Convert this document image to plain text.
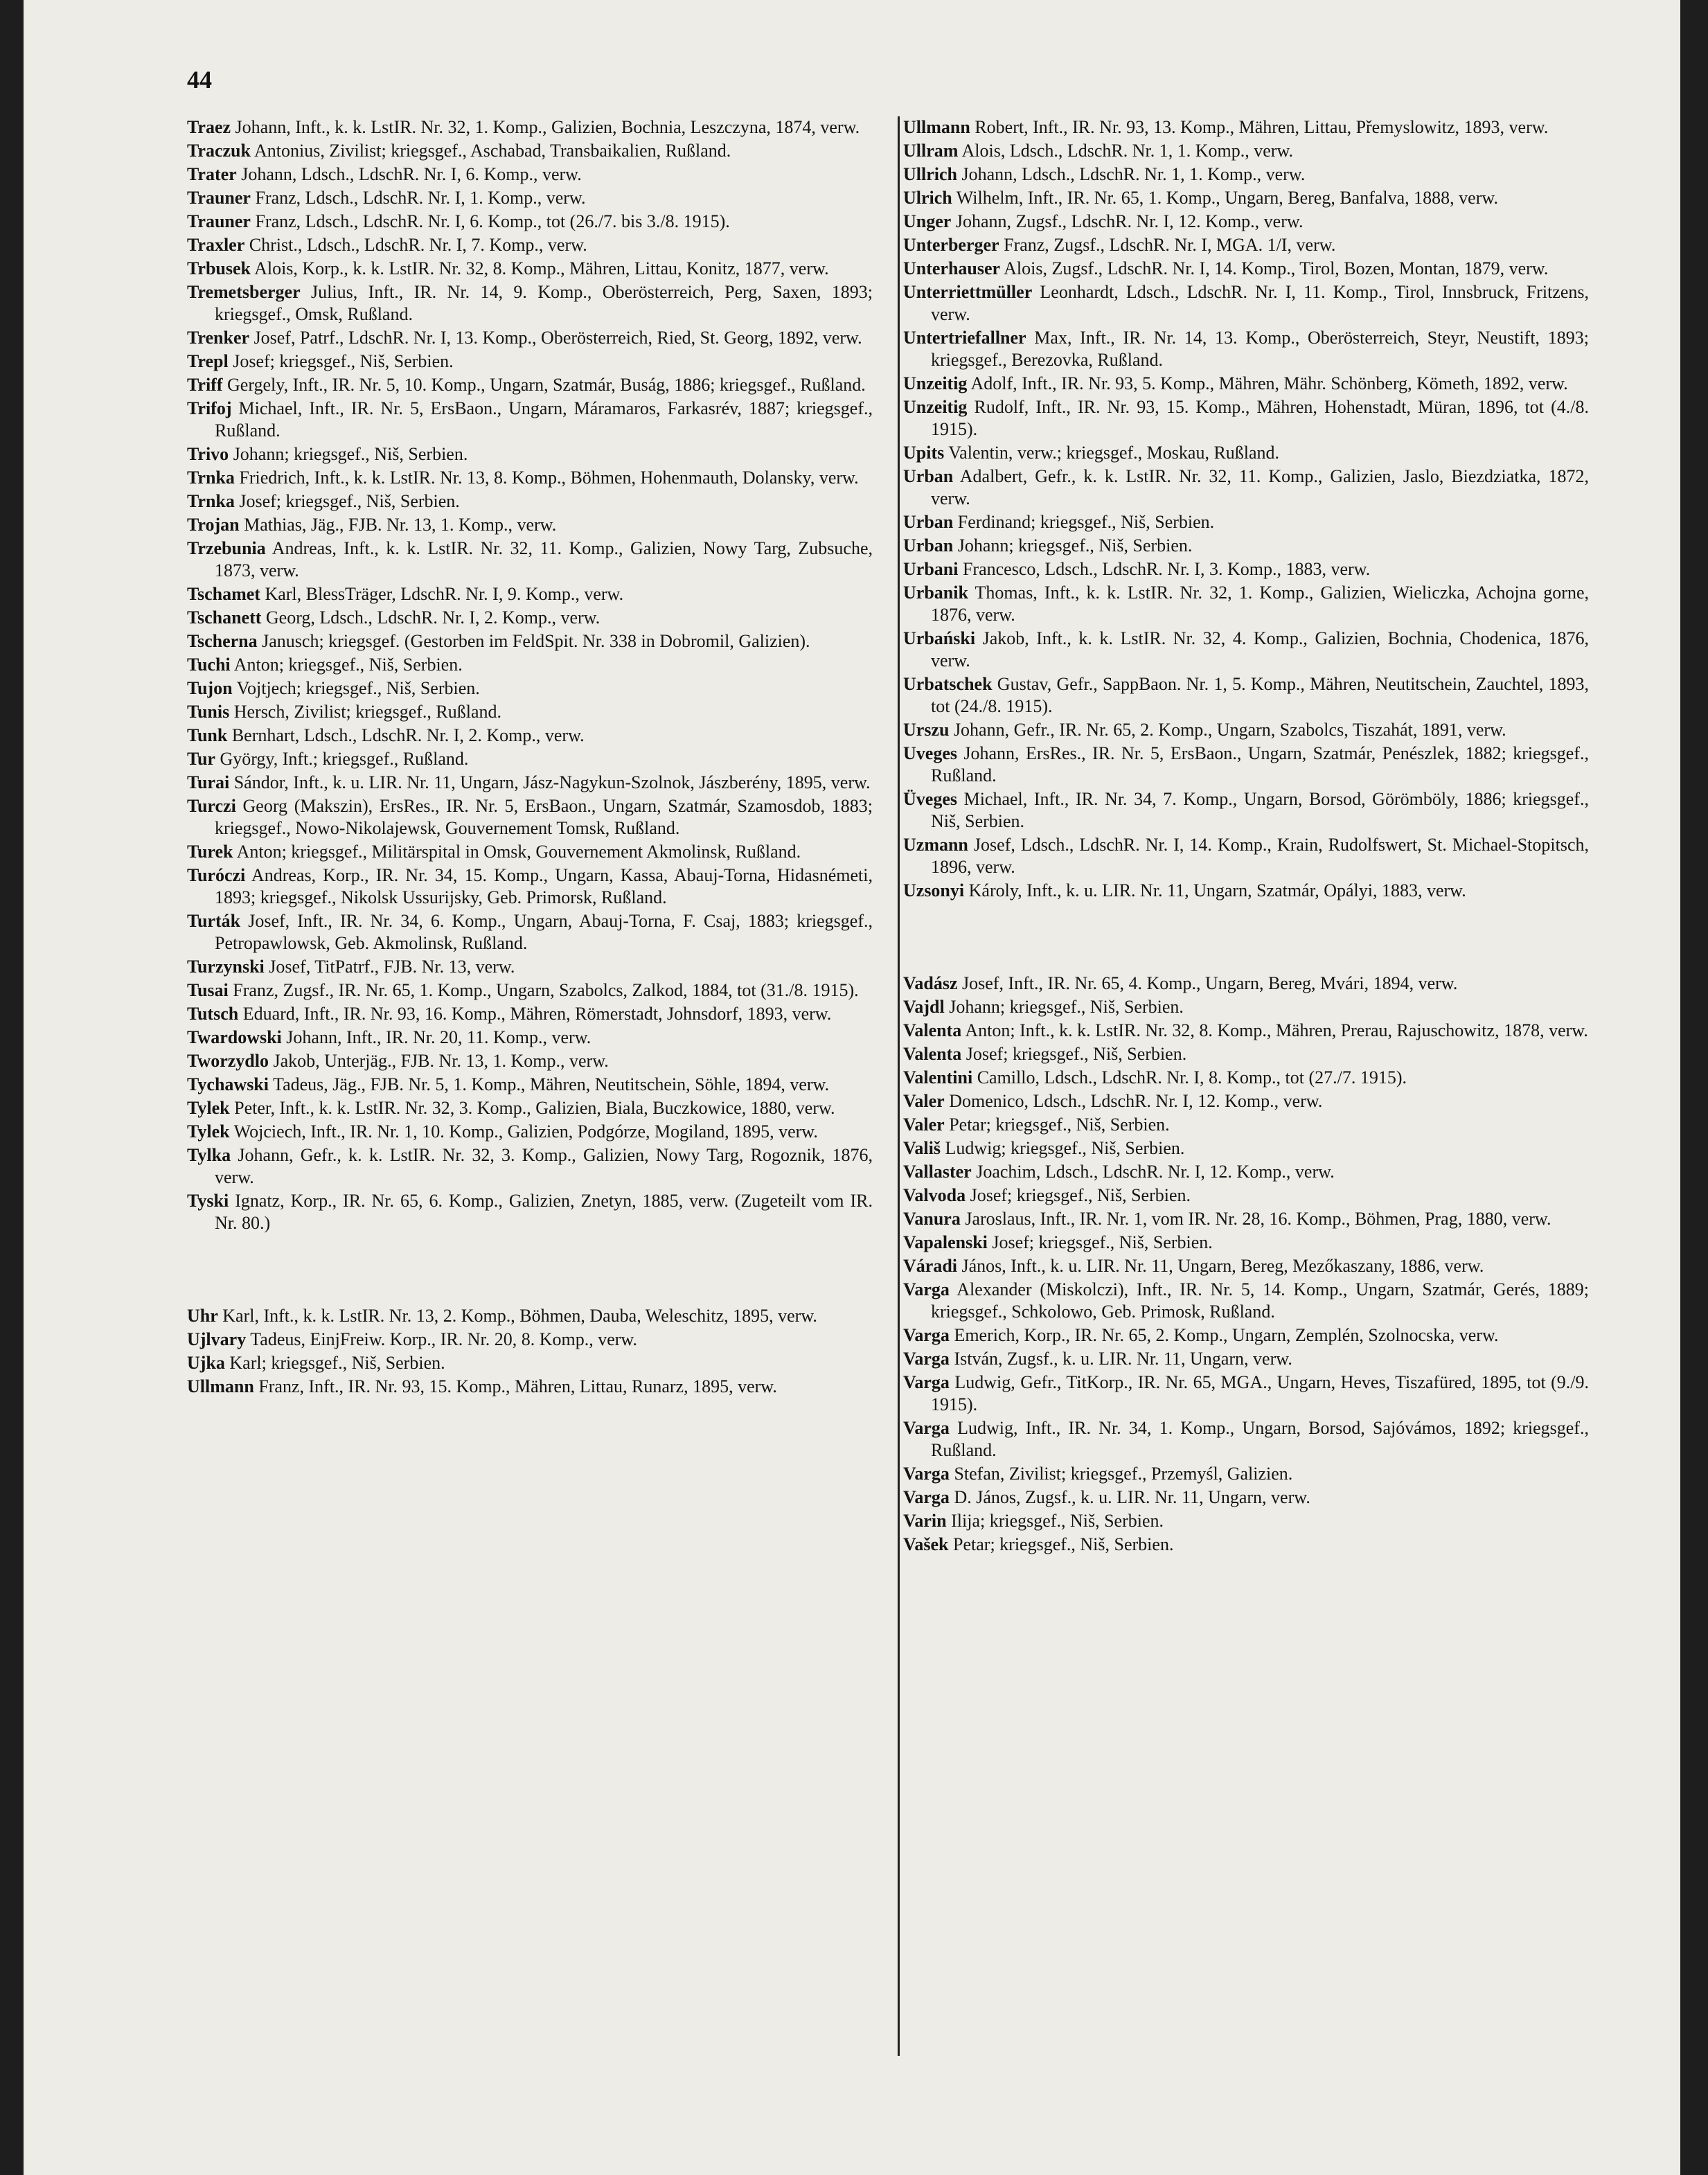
44

Traez Johann, Inft., k. k. LstIR. Nr. 32, 1. Komp., Galizien, Bochnia, Leszczyna, 1874, verw.

Traczuk Antonius, Zivilist; kriegsgef., Aschabad, Transbaikalien, Rußland.

Trater Johann, Ldsch., LdschR. Nr. I, 6. Komp., verw.

Trauner Franz, Ldsch., LdschR. Nr. I, 1. Komp., verw.

Trauner Franz, Ldsch., LdschR. Nr. I, 6. Komp., tot (26./7. bis 3./8. 1915).

Traxler Christ., Ldsch., LdschR. Nr. I, 7. Komp., verw.

Trbusek Alois, Korp., k. k. LstIR. Nr. 32, 8. Komp., Mähren, Littau, Konitz, 1877, verw.

Tremetsberger Julius, Inft., IR. Nr. 14, 9. Komp., Oberösterreich, Perg, Saxen, 1893; kriegsgef., Omsk, Rußland.

Trenker Josef, Patrf., LdschR. Nr. I, 13. Komp., Oberösterreich, Ried, St. Georg, 1892, verw.

Trepl Josef; kriegsgef., Niš, Serbien.

Triff Gergely, Inft., IR. Nr. 5, 10. Komp., Ungarn, Szatmár, Buság, 1886; kriegsgef., Rußland.

Trifoj Michael, Inft., IR. Nr. 5, ErsBaon., Ungarn, Máramaros, Farkasrév, 1887; kriegsgef., Rußland.

Trivo Johann; kriegsgef., Niš, Serbien.

Trnka Friedrich, Inft., k. k. LstIR. Nr. 13, 8. Komp., Böhmen, Hohenmauth, Dolansky, verw.

Trnka Josef; kriegsgef., Niš, Serbien.

Trojan Mathias, Jäg., FJB. Nr. 13, 1. Komp., verw.

Trzebunia Andreas, Inft., k. k. LstIR. Nr. 32, 11. Komp., Galizien, Nowy Targ, Zubsuche, 1873, verw.

Tschamet Karl, BlessTräger, LdschR. Nr. I, 9. Komp., verw.

Tschanett Georg, Ldsch., LdschR. Nr. I, 2. Komp., verw.

Tscherna Janusch; kriegsgef. (Gestorben im FeldSpit. Nr. 338 in Dobromil, Galizien).

Tuchi Anton; kriegsgef., Niš, Serbien.

Tujon Vojtjech; kriegsgef., Niš, Serbien.

Tunis Hersch, Zivilist; kriegsgef., Rußland.

Tunk Bernhart, Ldsch., LdschR. Nr. I, 2. Komp., verw.

Tur György, Inft.; kriegsgef., Rußland.

Turai Sándor, Inft., k. u. LIR. Nr. 11, Ungarn, Jász-Nagykun-Szolnok, Jászberény, 1895, verw.

Turczi Georg (Makszin), ErsRes., IR. Nr. 5, ErsBaon., Ungarn, Szatmár, Szamosdob, 1883; kriegsgef., Nowo-Nikolajewsk, Gouvernement Tomsk, Rußland.

Turek Anton; kriegsgef., Militärspital in Omsk, Gouvernement Akmolinsk, Rußland.

Turóczi Andreas, Korp., IR. Nr. 34, 15. Komp., Ungarn, Kassa, Abauj-Torna, Hidasnémeti, 1893; kriegsgef., Nikolsk Ussurijsky, Geb. Primorsk, Rußland.

Turták Josef, Inft., IR. Nr. 34, 6. Komp., Ungarn, Abauj-Torna, F. Csaj, 1883; kriegsgef., Petropawlowsk, Geb. Akmolinsk, Rußland.

Turzynski Josef, TitPatrf., FJB. Nr. 13, verw.

Tusai Franz, Zugsf., IR. Nr. 65, 1. Komp., Ungarn, Szabolcs, Zalkod, 1884, tot (31./8. 1915).

Tutsch Eduard, Inft., IR. Nr. 93, 16. Komp., Mähren, Römerstadt, Johnsdorf, 1893, verw.

Twardowski Johann, Inft., IR. Nr. 20, 11. Komp., verw.

Tworzydlo Jakob, Unterjäg., FJB. Nr. 13, 1. Komp., verw.

Tychawski Tadeus, Jäg., FJB. Nr. 5, 1. Komp., Mähren, Neutitschein, Söhle, 1894, verw.

Tylek Peter, Inft., k. k. LstIR. Nr. 32, 3. Komp., Galizien, Biala, Buczkowice, 1880, verw.

Tylek Wojciech, Inft., IR. Nr. 1, 10. Komp., Galizien, Podgórze, Mogiland, 1895, verw.

Tylka Johann, Gefr., k. k. LstIR. Nr. 32, 3. Komp., Galizien, Nowy Targ, Rogoznik, 1876, verw.

Tyski Ignatz, Korp., IR. Nr. 65, 6. Komp., Galizien, Znetyn, 1885, verw. (Zugeteilt vom IR. Nr. 80.)

Uhr Karl, Inft., k. k. LstIR. Nr. 13, 2. Komp., Böhmen, Dauba, Weleschitz, 1895, verw.

Ujlvary Tadeus, EinjFreiw. Korp., IR. Nr. 20, 8. Komp., verw.

Ujka Karl; kriegsgef., Niš, Serbien.

Ullmann Franz, Inft., IR. Nr. 93, 15. Komp., Mähren, Littau, Runarz, 1895, verw.

Ullmann Robert, Inft., IR. Nr. 93, 13. Komp., Mähren, Littau, Přemyslowitz, 1893, verw.

Ullram Alois, Ldsch., LdschR. Nr. 1, 1. Komp., verw.

Ullrich Johann, Ldsch., LdschR. Nr. 1, 1. Komp., verw.

Ulrich Wilhelm, Inft., IR. Nr. 65, 1. Komp., Ungarn, Bereg, Banfalva, 1888, verw.

Unger Johann, Zugsf., LdschR. Nr. I, 12. Komp., verw.

Unterberger Franz, Zugsf., LdschR. Nr. I, MGA. 1/I, verw.

Unterhauser Alois, Zugsf., LdschR. Nr. I, 14. Komp., Tirol, Bozen, Montan, 1879, verw.

Unterriettmüller Leonhardt, Ldsch., LdschR. Nr. I, 11. Komp., Tirol, Innsbruck, Fritzens, verw.

Untertriefallner Max, Inft., IR. Nr. 14, 13. Komp., Oberösterreich, Steyr, Neustift, 1893; kriegsgef., Berezovka, Rußland.

Unzeitig Adolf, Inft., IR. Nr. 93, 5. Komp., Mähren, Mähr. Schönberg, Kömeth, 1892, verw.

Unzeitig Rudolf, Inft., IR. Nr. 93, 15. Komp., Mähren, Hohenstadt, Müran, 1896, tot (4./8. 1915).

Upits Valentin, verw.; kriegsgef., Moskau, Rußland.

Urban Adalbert, Gefr., k. k. LstIR. Nr. 32, 11. Komp., Galizien, Jaslo, Biezdziatka, 1872, verw.

Urban Ferdinand; kriegsgef., Niš, Serbien.

Urban Johann; kriegsgef., Niš, Serbien.

Urbani Francesco, Ldsch., LdschR. Nr. I, 3. Komp., 1883, verw.

Urbanik Thomas, Inft., k. k. LstIR. Nr. 32, 1. Komp., Galizien, Wieliczka, Achojna gorne, 1876, verw.

Urbański Jakob, Inft., k. k. LstIR. Nr. 32, 4. Komp., Galizien, Bochnia, Chodenica, 1876, verw.

Urbatschek Gustav, Gefr., SappBaon. Nr. 1, 5. Komp., Mähren, Neutitschein, Zauchtel, 1893, tot (24./8. 1915).

Urszu Johann, Gefr., IR. Nr. 65, 2. Komp., Ungarn, Szabolcs, Tiszahát, 1891, verw.

Uveges Johann, ErsRes., IR. Nr. 5, ErsBaon., Ungarn, Szatmár, Penészlek, 1882; kriegsgef., Rußland.

Üveges Michael, Inft., IR. Nr. 34, 7. Komp., Ungarn, Borsod, Görömböly, 1886; kriegsgef., Niš, Serbien.

Uzmann Josef, Ldsch., LdschR. Nr. I, 14. Komp., Krain, Rudolfswert, St. Michael-Stopitsch, 1896, verw.

Uzsonyi Károly, Inft., k. u. LIR. Nr. 11, Ungarn, Szatmár, Opályi, 1883, verw.

Vadász Josef, Inft., IR. Nr. 65, 4. Komp., Ungarn, Bereg, Mvári, 1894, verw.

Vajdl Johann; kriegsgef., Niš, Serbien.

Valenta Anton; Inft., k. k. LstIR. Nr. 32, 8. Komp., Mähren, Prerau, Rajuschowitz, 1878, verw.

Valenta Josef; kriegsgef., Niš, Serbien.

Valentini Camillo, Ldsch., LdschR. Nr. I, 8. Komp., tot (27./7. 1915).

Valer Domenico, Ldsch., LdschR. Nr. I, 12. Komp., verw.

Valer Petar; kriegsgef., Niš, Serbien.

Vališ Ludwig; kriegsgef., Niš, Serbien.

Vallaster Joachim, Ldsch., LdschR. Nr. I, 12. Komp., verw.

Valvoda Josef; kriegsgef., Niš, Serbien.

Vanura Jaroslaus, Inft., IR. Nr. 1, vom IR. Nr. 28, 16. Komp., Böhmen, Prag, 1880, verw.

Vapalenski Josef; kriegsgef., Niš, Serbien.

Váradi János, Inft., k. u. LIR. Nr. 11, Ungarn, Bereg, Mezőkaszany, 1886, verw.

Varga Alexander (Miskolczi), Inft., IR. Nr. 5, 14. Komp., Ungarn, Szatmár, Gerés, 1889; kriegsgef., Schkolowo, Geb. Primosk, Rußland.

Varga Emerich, Korp., IR. Nr. 65, 2. Komp., Ungarn, Zemplén, Szolnocska, verw.

Varga István, Zugsf., k. u. LIR. Nr. 11, Ungarn, verw.

Varga Ludwig, Gefr., TitKorp., IR. Nr. 65, MGA., Ungarn, Heves, Tiszafüred, 1895, tot (9./9. 1915).

Varga Ludwig, Inft., IR. Nr. 34, 1. Komp., Ungarn, Borsod, Sajóvámos, 1892; kriegsgef., Rußland.

Varga Stefan, Zivilist; kriegsgef., Przemyśl, Galizien.

Varga D. János, Zugsf., k. u. LIR. Nr. 11, Ungarn, verw.

Varin Ilija; kriegsgef., Niš, Serbien.

Vašek Petar; kriegsgef., Niš, Serbien.
